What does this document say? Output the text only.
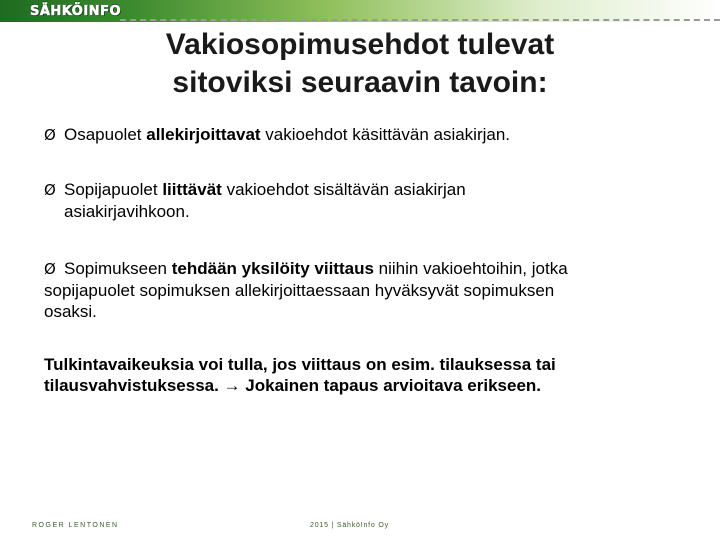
SÄHKÖINFO
Vakiosopimusehdot tulevat
sitoviksi seuraavin tavoin:
Ø Osapuolet allekirjoittavat vakioehdot käsittävän asiakirjan.
Ø Sopijapuolet liittävät vakioehdot sisältävän asiakirjan
asiakirjavihkoon.
Ø Sopimukseen tehdään yksilöity viittaus niihin vakioehtoihin, jotka
sopijapuolet sopimuksen allekirjoittaessaan hyväksyvät sopimuksen
osaksi.
Tulkintavaikeuksia voi tulla, jos viittaus on esim. tilauksessa tai
tilausvahvistuksessa. → Jokainen tapaus arvioitava erikseen.
ROGER LENTONEN	2015 | SähköInfo Oy
